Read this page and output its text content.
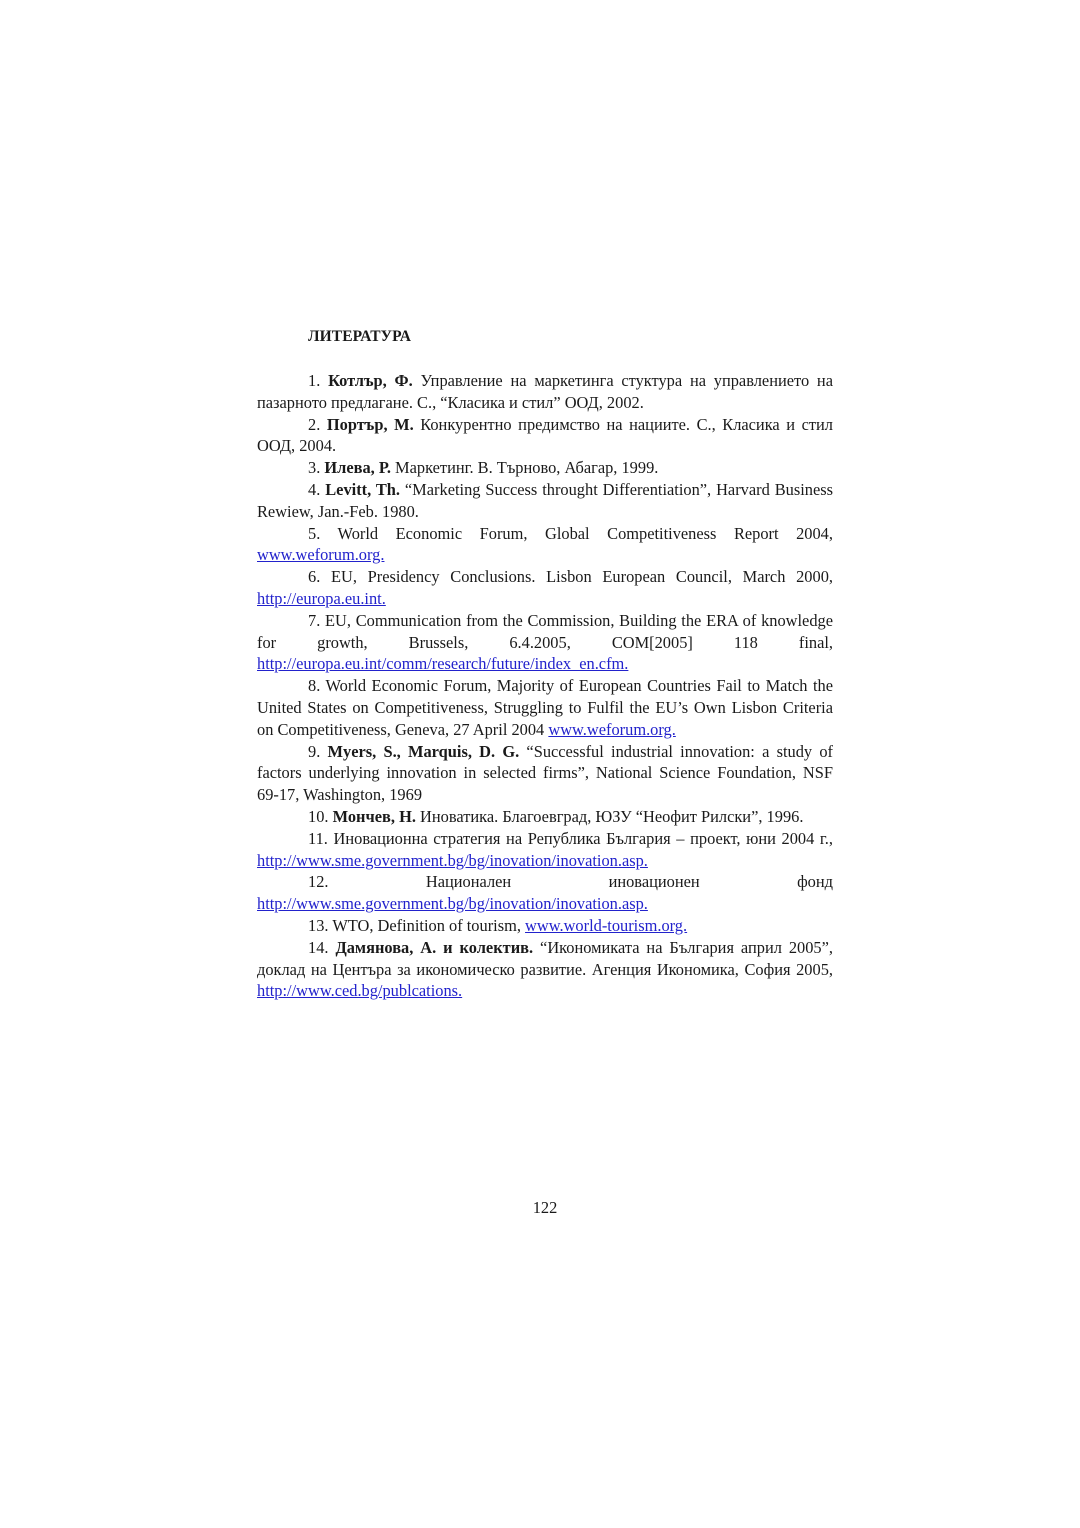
ЛИТЕРАТУРА

1. Котлър, Ф. Управление на маркетинга стуктура на управлението на пазарното предлагане. С., “Класика и стил” ООД, 2002.

2. Портър, М. Конкурентно предимство на нациите. С., Класика и стил ООД, 2004.

3. Илева, Р. Маркетинг. В. Търново, Абагар, 1999.

4. Levitt, Th. “Marketing Success throught Differentiation”, Harvard Business Rewiew, Jan.-Feb. 1980.

5. World Economic Forum, Global Competitiveness Report 2004, www.weforum.org.

6. EU, Presidency Conclusions. Lisbon European Council, March 2000, http://europa.eu.int.

7. EU, Communication from the Commission, Building the ERA of knowledge for growth, Brussels, 6.4.2005, COM[2005] 118 final, http://europa.eu.int/comm/research/future/index_en.cfm.

8. World Economic Forum, Majority of European Countries Fail to Match the United States on Competitiveness, Struggling to Fulfil the EU’s Own Lisbon Criteria on Competitiveness, Geneva, 27 April 2004 www.weforum.org.

9. Myers, S., Marquis, D. G. “Successful industrial innovation: a study of factors underlying innovation in selected firms”, National Science Foundation, NSF 69-17, Washington, 1969

10. Мончев, Н. Иноватика. Благоевград, ЮЗУ “Неофит Рилски”, 1996.

11. Иновационна стратегия на Република България – проект, юни 2004 г., http://www.sme.government.bg/bg/inovation/inovation.asp.

12.	Национален иновационен фонд http://www.sme.government.bg/bg/inovation/inovation.asp.

13. WTO, Definition of tourism, www.world-tourism.org.

14. Дамянова, А. и колектив. “Икономиката на България април 2005”, доклад на Центъра за икономическо развитие. Агенция Икономика, София 2005, http://www.ced.bg/publcations.

122
